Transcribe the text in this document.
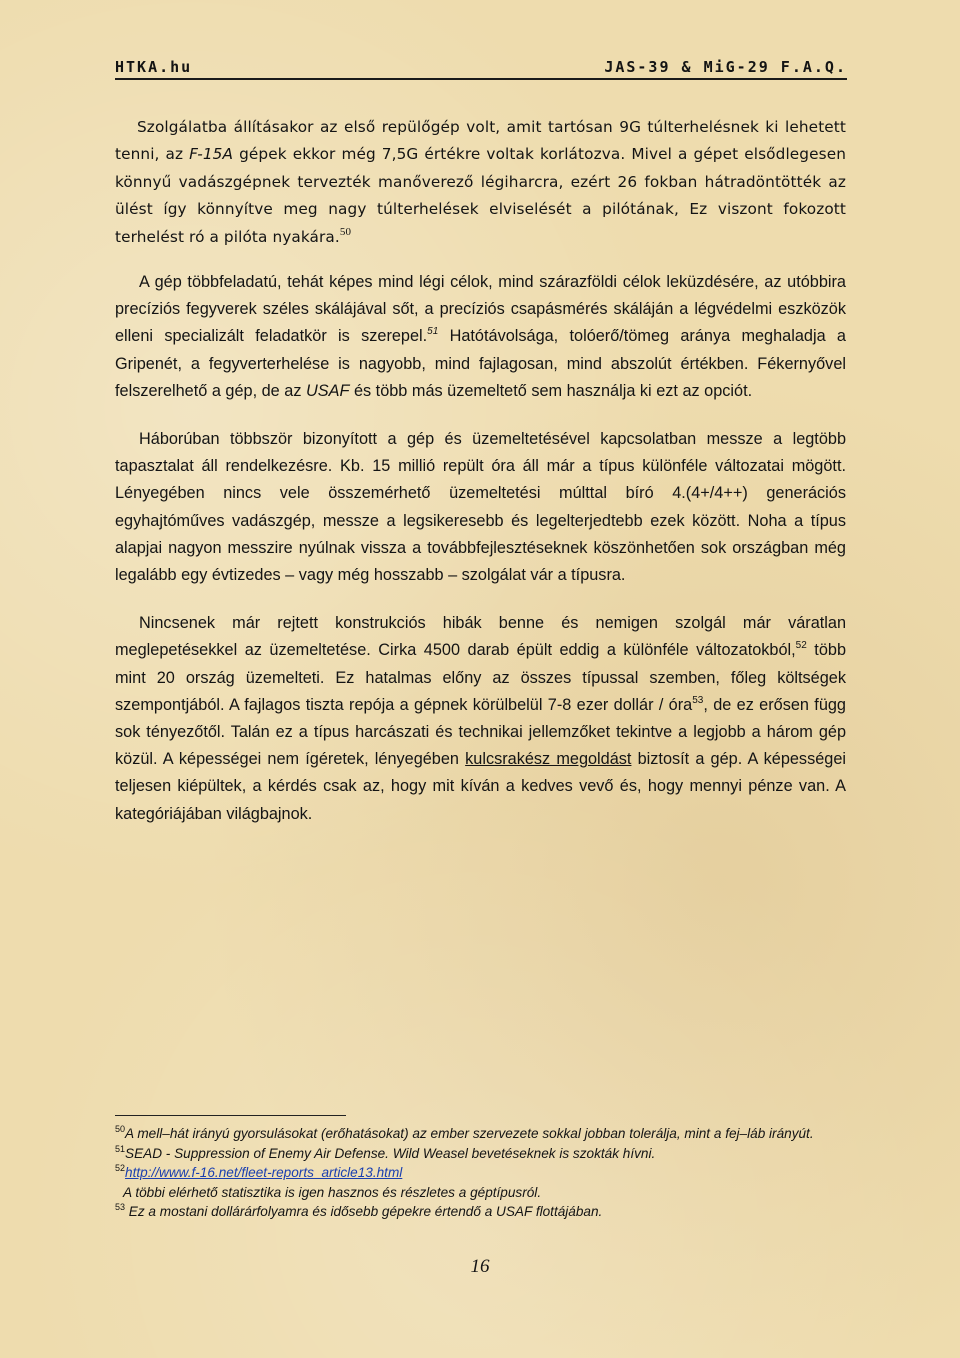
HTKA.hu	JAS-39 & MiG-29 F.A.Q.

Szolgálatba állításakor az első repülőgép volt, amit tartósan 9G túlterhelésnek ki lehetett tenni, az F-15A gépek ekkor még 7,5G értékre voltak korlátozva. Mivel a gépet elsődlegesen könnyű vadászgépnek tervezték manőverező légiharcra, ezért 26 fokban hátradöntötték az ülést így könnyítve meg nagy túlterhelések elviselését a pilótának, Ez viszont fokozott terhelést ró a pilóta nyakára.$^{50}$

A gép többfeladatú, tehát képes mind légi célok, mind szárazföldi célok leküzdésére, az utóbbira precíziós fegyverek széles skálájával sőt, a precíziós csapásmérés skáláján a légvédelmi eszközök elleni specializált feladatkör is szerepel.$^{51}$ Hatótávolsága, tolóerő/tömeg aránya meghaladja a Gripenét, a fegyverterhelése is nagyobb, mind fajlagosan, mind abszolút értékben. Fékernyővel felszerelhető a gép, de az USAF és több más üzemeltető sem használja ki ezt az opciót.

Háborúban többször bizonyított a gép és üzemeltetésével kapcsolatban messze a legtöbb tapasztalat áll rendelkezésre. Kb. 15 millió repült óra áll már a típus különféle változatai mögött. Lényegében nincs vele összemérhető üzemeltetési múlttal bíró 4.(4+/4++) generációs egyhajtóműves vadászgép, messze a legsikeresebb és legelterjedtebb ezek között. Noha a típus alapjai nagyon messzire nyúlnak vissza a továbbfejlesztéseknek köszönhetően sok országban még legalább egy évtizedes – vagy még hosszabb – szolgálat vár a típusra.

Nincsenek már rejtett konstrukciós hibák benne és nemigen szolgál már váratlan meglepetésekkel az üzemeltetése. Cirka 4500 darab épült eddig a különféle változatokból,$^{52}$ több mint 20 ország üzemelteti. Ez hatalmas előny az összes típussal szemben, főleg költségek szempontjából. A fajlagos tiszta repója a gépnek körülbelül 7-8 ezer dollár / óra$^{53}$, de ez erősen függ sok tényezőtől. Talán ez a típus harcászati és technikai jellemzőket tekintve a legjobb a három gép közül. A képességei nem ígéretek, lényegében kulcsrakész megoldást biztosít a gép. A képességei teljesen kiépültek, a kérdés csak az, hogy mit kíván a kedves vevő és, hogy mennyi pénze van. A kategóriájában világbajnok.

$^{50}$A mell–hát irányú gyorsulásokat (erőhatásokat) az ember szervezete sokkal jobban tolerálja, mint a fej–láb irányút.
$^{51}$SEAD - Suppression of Enemy Air Defense. Wild Weasel bevetéseknek is szokták hívni.
$^{52}$http://www.f-16.net/fleet-reports_article13.html
A többi elérhető statisztika is igen hasznos és részletes a géptípusról.
$^{53}$ Ez a mostani dollárárfolyamra és idősebb gépekre értendő a USAF flottájában.
16
